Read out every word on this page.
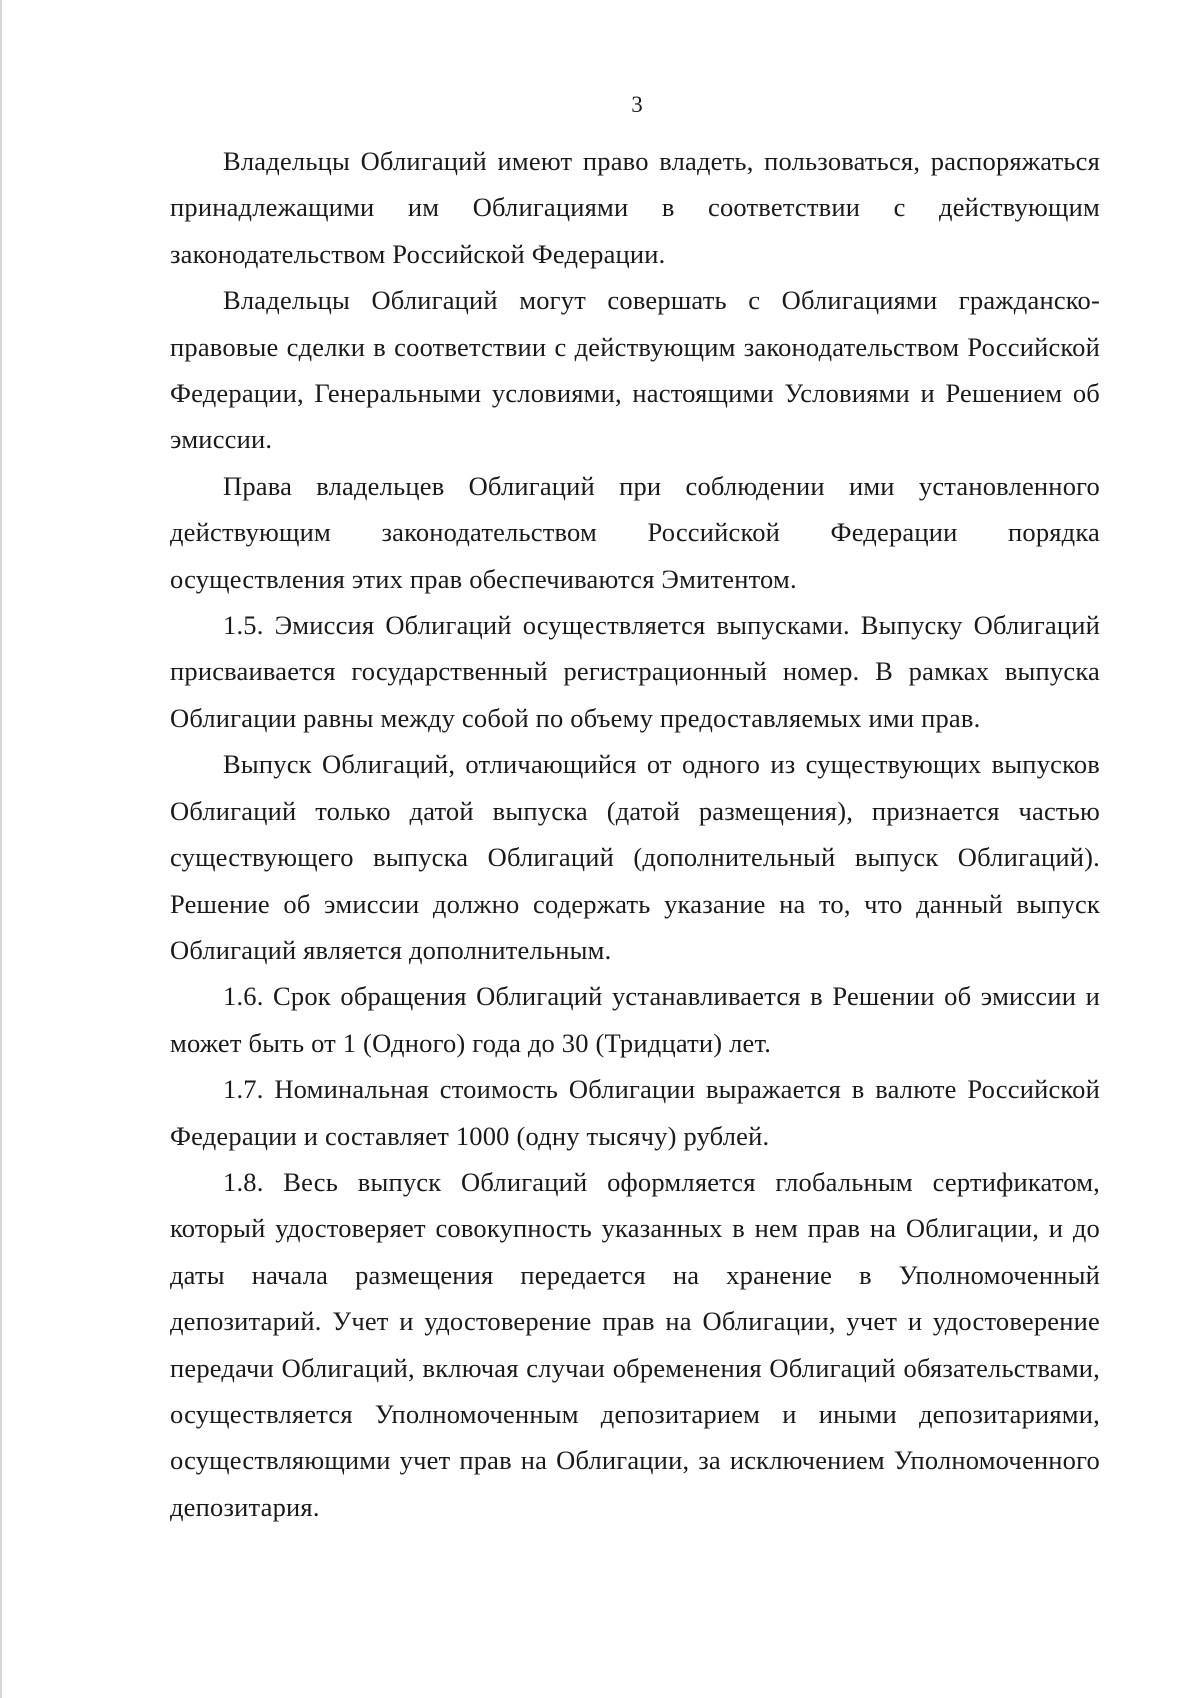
3

Владельцы Облигаций имеют право владеть, пользоваться, распоряжаться принадлежащими им Облигациями в соответствии с действующим законодательством Российской Федерации.

Владельцы Облигаций могут совершать с Облигациями гражданско-правовые сделки в соответствии с действующим законодательством Российской Федерации, Генеральными условиями, настоящими Условиями и Решением об эмиссии.

Права владельцев Облигаций при соблюдении ими установленного действующим законодательством Российской Федерации порядка осуществления этих прав обеспечиваются Эмитентом.

1.5. Эмиссия Облигаций осуществляется выпусками. Выпуску Облигаций присваивается государственный регистрационный номер. В рамках выпуска Облигации равны между собой по объему предоставляемых ими прав.

Выпуск Облигаций, отличающийся от одного из существующих выпусков Облигаций только датой выпуска (датой размещения), признается частью существующего выпуска Облигаций (дополнительный выпуск Облигаций). Решение об эмиссии должно содержать указание на то, что данный выпуск Облигаций является дополнительным.

1.6. Срок обращения Облигаций устанавливается в Решении об эмиссии и может быть от 1 (Одного) года до 30 (Тридцати) лет.

1.7. Номинальная стоимость Облигации выражается в валюте Российской Федерации и составляет 1000 (одну тысячу) рублей.

1.8. Весь выпуск Облигаций оформляется глобальным сертификатом, который удостоверяет совокупность указанных в нем прав на Облигации, и до даты начала размещения передается на хранение в Уполномоченный депозитарий. Учет и удостоверение прав на Облигации, учет и удостоверение передачи Облигаций, включая случаи обременения Облигаций обязательствами, осуществляется Уполномоченным депозитарием и иными депозитариями, осуществляющими учет прав на Облигации, за исключением Уполномоченного депозитария.
